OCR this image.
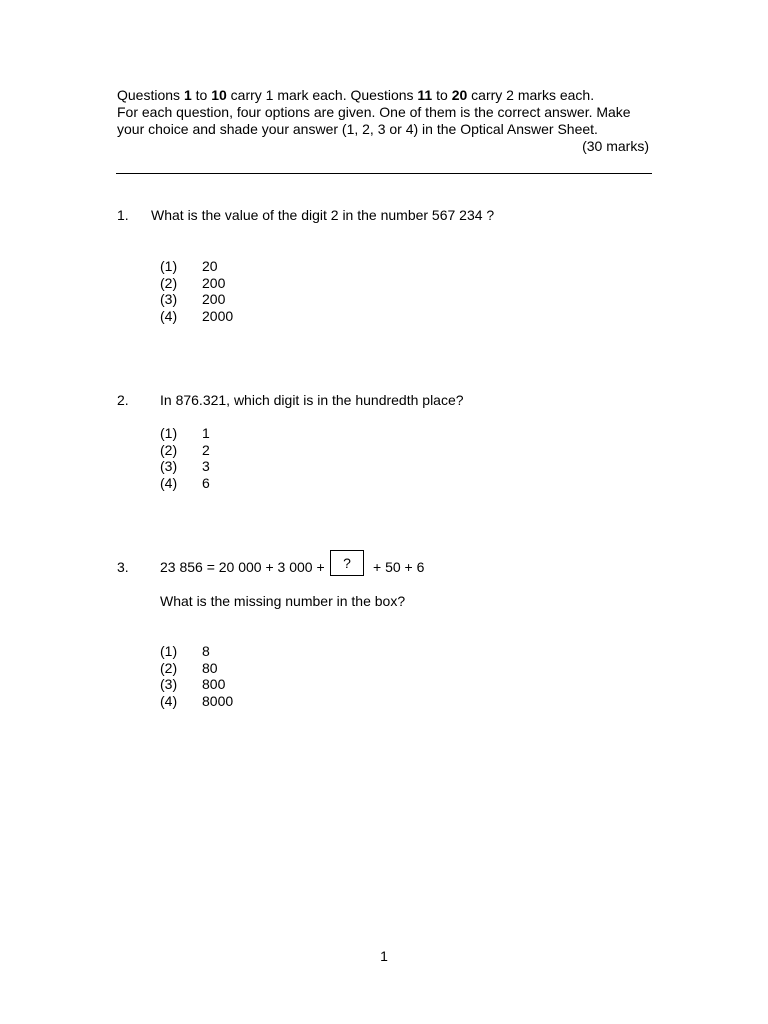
Questions 1 to 10 carry 1 mark each. Questions 11 to 20 carry 2 marks each.
For each question, four options are given. One of them is the correct answer. Make
your choice and shade your answer (1, 2, 3 or 4) in the Optical Answer Sheet.
(30 marks)
1. What is the value of the digit 2 in the number 567 234 ?
(1) 20
(2) 200
(3) 200
(4) 2000
2. In 876.321, which digit is in the hundredth place?
(1) 1
(2) 2
(3) 3
(4) 6
3. 23 856 = 20 000 + 3 000 +	?	+ 50 + 6
What is the missing number in the box?
(1) 8
(2) 80
(3) 800
(4) 8000
1
